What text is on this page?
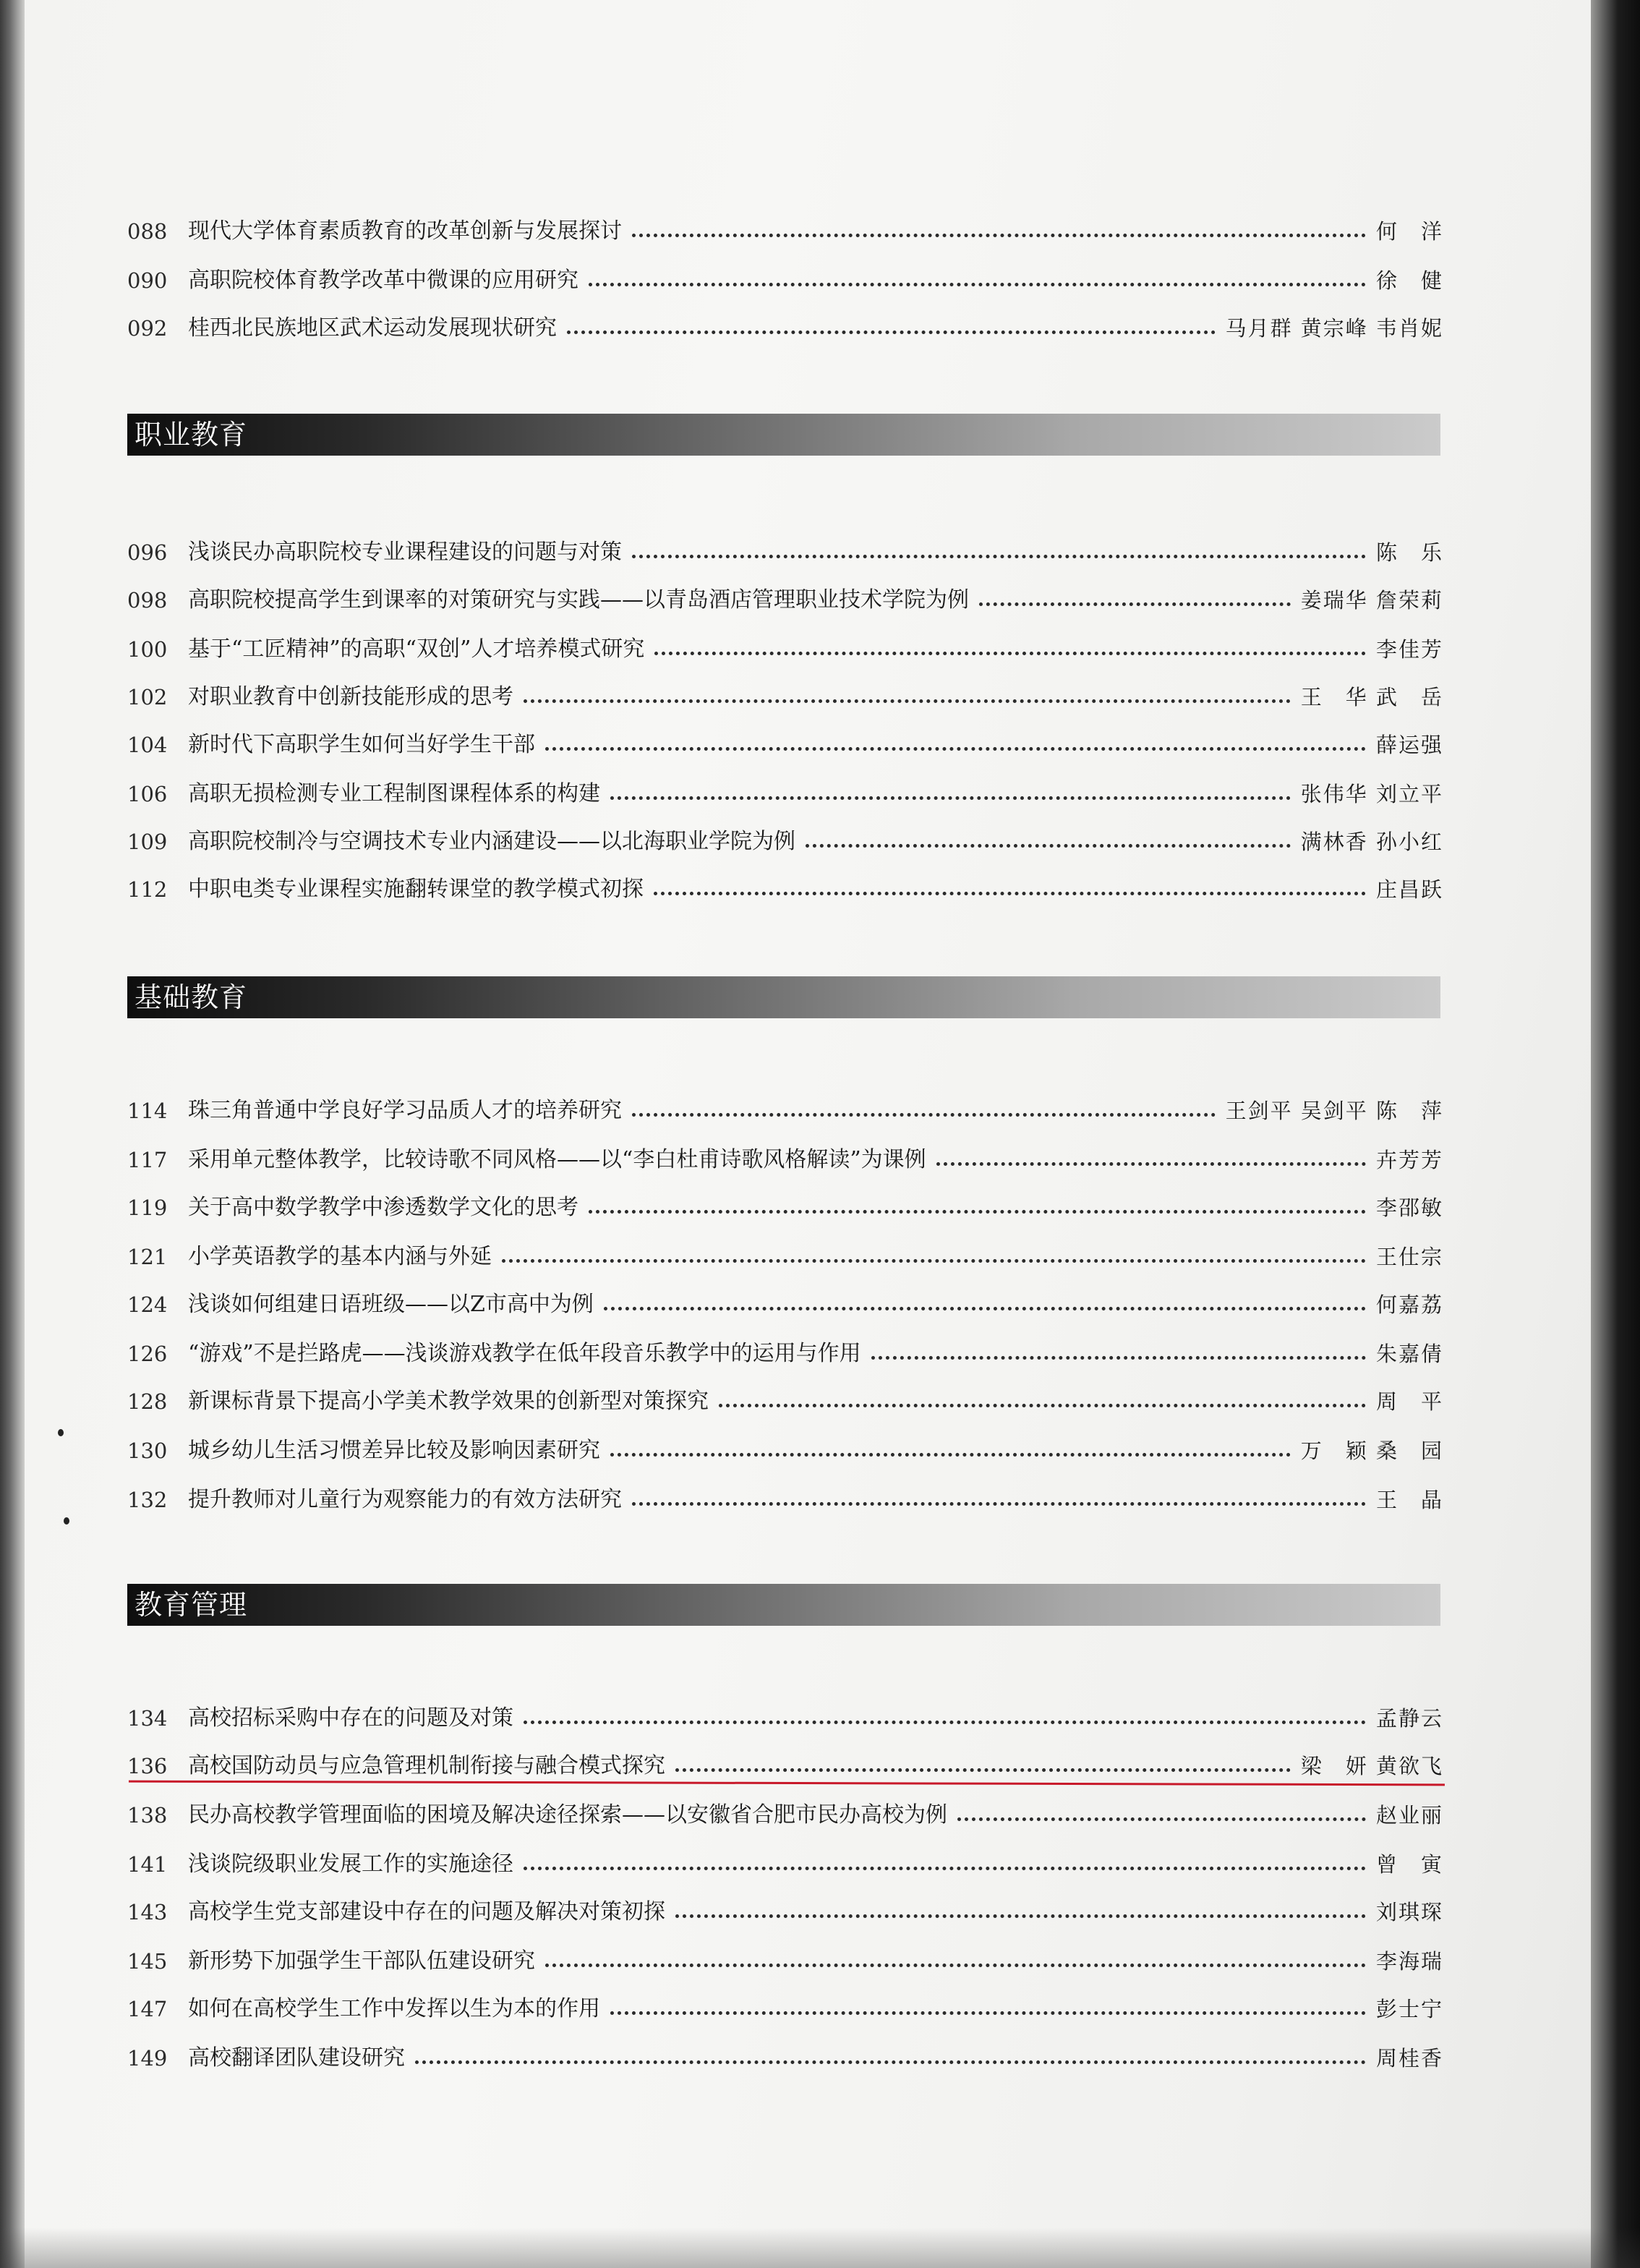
职业教育
基础教育
教育管理
088 现代大学体育素质教育的改革创新与发展探讨	何　洋
090 高职院校体育教学改革中微课的应用研究	徐　健
092 桂西北民族地区武术运动发展现状研究	马月群 黄宗峰 韦肖妮
096 浅谈民办高职院校专业课程建设的问题与对策	陈　乐
098 高职院校提高学生到课率的对策研究与实践——以青岛酒店管理职业技术学院为例	姜瑞华 詹荣莉
100 基于“工匠精神”的高职“双创”人才培养模式研究	李佳芳
102 对职业教育中创新技能形成的思考	王　华 武　岳
104 新时代下高职学生如何当好学生干部	薛运强
106 高职无损检测专业工程制图课程体系的构建	张伟华 刘立平
109 高职院校制冷与空调技术专业内涵建设——以北海职业学院为例	满林香 孙小红
112 中职电类专业课程实施翻转课堂的教学模式初探	庄昌跃
114 珠三角普通中学良好学习品质人才的培养研究	王剑平 吴剑平 陈　萍
117 采用单元整体教学，比较诗歌不同风格——以“李白杜甫诗歌风格解读”为课例	卉芳芳
119 关于高中数学教学中渗透数学文化的思考	李邵敏
121 小学英语教学的基本内涵与外延	王仕宗
124 浅谈如何组建日语班级——以Z市高中为例	何嘉荔
126 “游戏”不是拦路虎——浅谈游戏教学在低年段音乐教学中的运用与作用	朱嘉倩
128 新课标背景下提高小学美术教学效果的创新型对策探究	周　平
130 城乡幼儿生活习惯差异比较及影响因素研究	万　颖 桑　园
132 提升教师对儿童行为观察能力的有效方法研究	王　晶
134 高校招标采购中存在的问题及对策	孟静云
136 高校国防动员与应急管理机制衔接与融合模式探究	梁　妍 黄欲飞
138 民办高校教学管理面临的困境及解决途径探索——以安徽省合肥市民办高校为例	赵业丽
141 浅谈院级职业发展工作的实施途径	曾　寅
143 高校学生党支部建设中存在的问题及解决对策初探	刘琪琛
145 新形势下加强学生干部队伍建设研究	李海瑞
147 如何在高校学生工作中发挥以生为本的作用	彭士宁
149 高校翻译团队建设研究	周桂香
